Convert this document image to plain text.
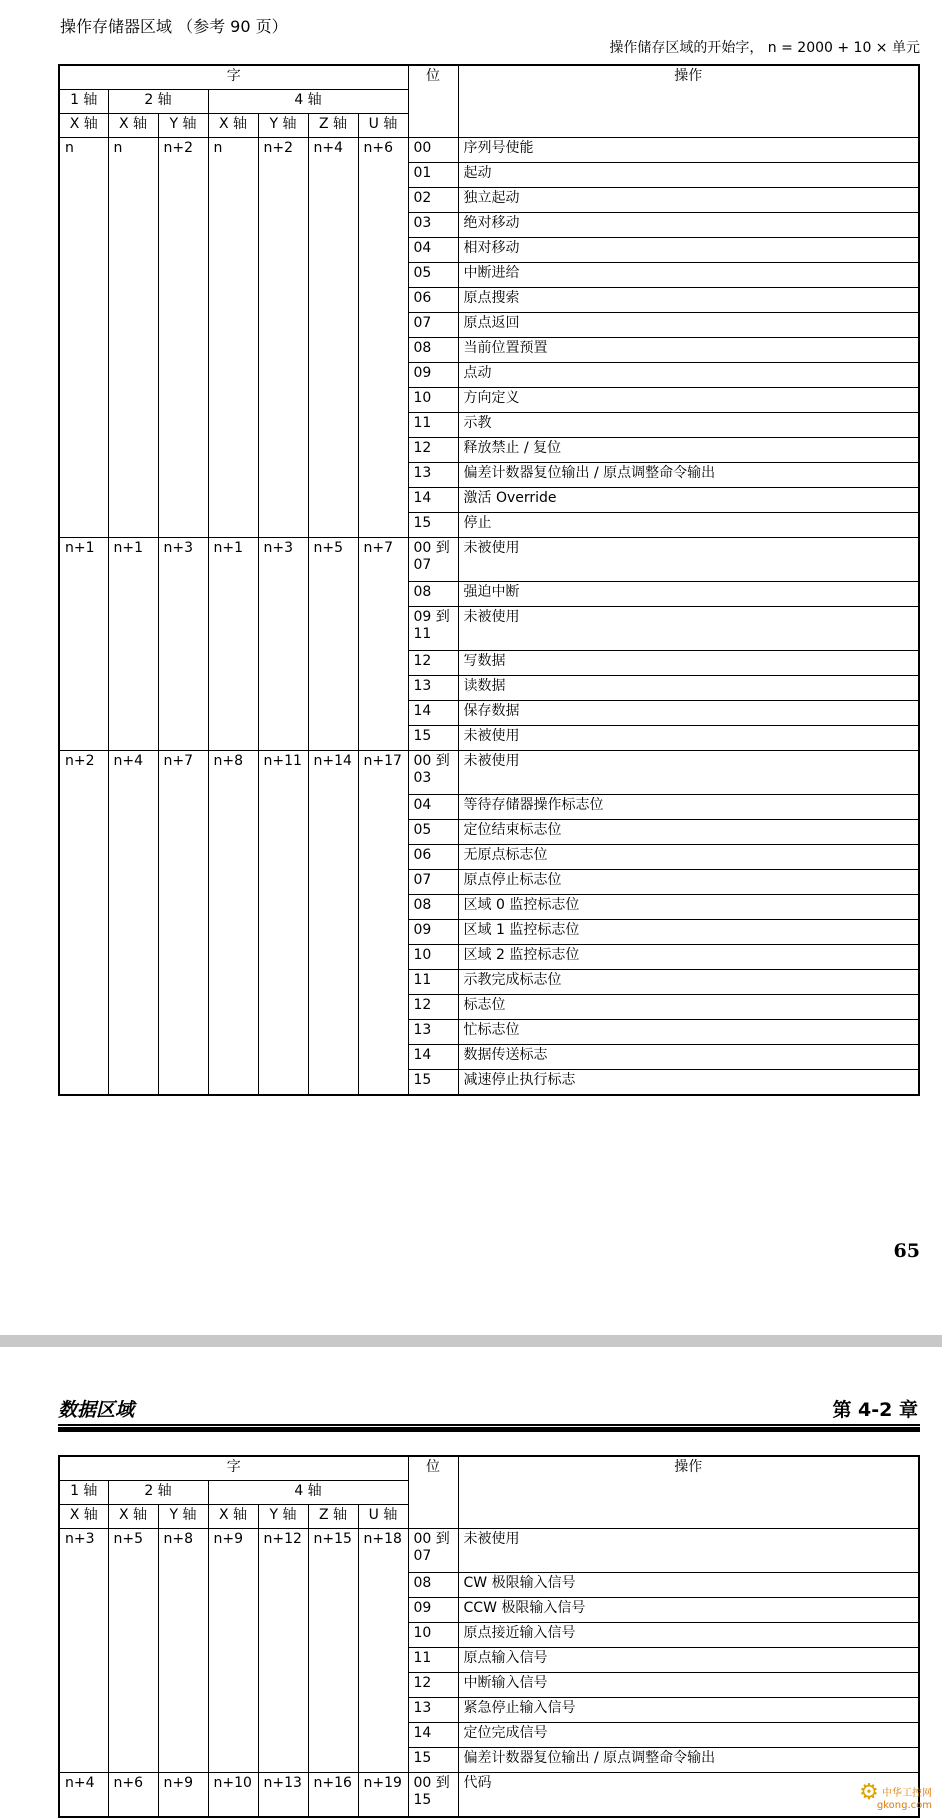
操作存储器区域 （参考 90 页）
操作储存区域的开始字， n = 2000 + 10 × 单元
字							位	操作
1 轴	2 轴		4 轴					
X 轴	X 轴	Y 轴	X 轴	Y 轴	Z 轴	U 轴		
n	n	n+2	n	n+2	n+4	n+6	00	序列号使能
							01	起动
							02	独立起动
							03	绝对移动
							04	相对移动
							05	中断进给
							06	原点搜索
							07	原点返回
							08	当前位置预置
							09	点动
							10	方向定义
							11	示教
							12	释放禁止 / 复位
							13	偏差计数器复位输出 / 原点调整命令输出
							14	激活 Override
							15	停止
n+1	n+1	n+3	n+1	n+3	n+5	n+7	00 到 07	未被使用
							08	强迫中断
							09 到 11	未被使用
							12	写数据
							13	读数据
							14	保存数据
							15	未被使用
n+2	n+4	n+7	n+8	n+11	n+14	n+17	00 到 03	未被使用
							04	等待存储器操作标志位
							05	定位结束标志位
							06	无原点标志位
							07	原点停止标志位
							08	区域 0 监控标志位
							09	区域 1 监控标志位
							10	区域 2 监控标志位
							11	示教完成标志位
							12	标志位
							13	忙标志位
							14	数据传送标志
							15	减速停止执行标志
65
数据区域	第 4-2 章
字							位	操作
1 轴	2 轴		4 轴					
X 轴	X 轴	Y 轴	X 轴	Y 轴	Z 轴	U 轴		
n+3	n+5	n+8	n+9	n+12	n+15	n+18	00 到 07	未被使用
							08	CW 极限输入信号
							09	CCW 极限输入信号
							10	原点接近输入信号
							11	原点输入信号
							12	中断输入信号
							13	紧急停止输入信号
							14	定位完成信号
							15	偏差计数器复位输出 / 原点调整命令输出
n+4	n+6	n+9	n+10	n+13	n+16	n+19	00 到 15	代码	⚙ 中华工控网
gkong.com
